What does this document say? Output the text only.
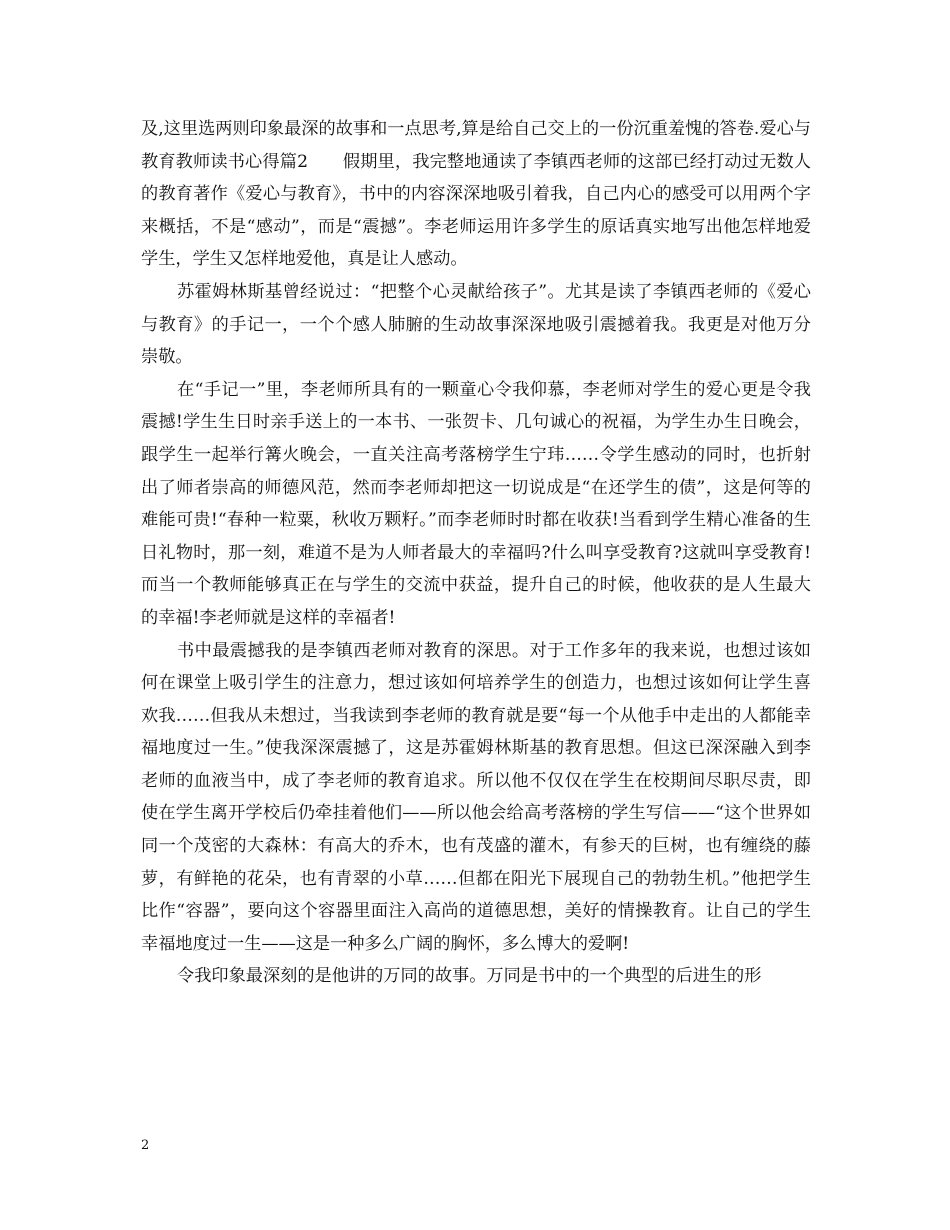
及,这里选两则印象最深的故事和一点思考,算是给自己交上的一份沉重羞愧的答卷.爱心与教育教师读书心得篇2　　假期里，我完整地通读了李镇西老师的这部已经打动过无数人的教育著作《爱心与教育》，书中的内容深深地吸引着我，自己内心的感受可以用两个字来概括，不是“感动”，而是“震撼”。李老师运用许多学生的原话真实地写出他怎样地爱学生，学生又怎样地爱他，真是让人感动。

苏霍姆林斯基曾经说过：“把整个心灵献给孩子”。尤其是读了李镇西老师的《爱心与教育》的手记一，一个个感人肺腑的生动故事深深地吸引震撼着我。我更是对他万分崇敬。

在“手记一”里，李老师所具有的一颗童心令我仰慕，李老师对学生的爱心更是令我震撼!学生生日时亲手送上的一本书、一张贺卡、几句诚心的祝福，为学生办生日晚会，跟学生一起举行篝火晚会，一直关注高考落榜学生宁玮……令学生感动的同时，也折射出了师者崇高的师德风范，然而李老师却把这一切说成是“在还学生的债”，这是何等的难能可贵!“春种一粒粟，秋收万颗籽。”而李老师时时都在收获!当看到学生精心准备的生日礼物时，那一刻，难道不是为人师者最大的幸福吗?什么叫享受教育?这就叫享受教育!而当一个教师能够真正在与学生的交流中获益，提升自己的时候，他收获的是人生最大的幸福!李老师就是这样的幸福者!

书中最震撼我的是李镇西老师对教育的深思。对于工作多年的我来说，也想过该如何在课堂上吸引学生的注意力，想过该如何培养学生的创造力，也想过该如何让学生喜欢我……但我从未想过，当我读到李老师的教育就是要“每一个从他手中走出的人都能幸福地度过一生。”使我深深震撼了，这是苏霍姆林斯基的教育思想。但这已深深融入到李老师的血液当中，成了李老师的教育追求。所以他不仅仅在学生在校期间尽职尽责，即使在学生离开学校后仍牵挂着他们——所以他会给高考落榜的学生写信——“这个世界如同一个茂密的大森林：有高大的乔木，也有茂盛的灌木，有参天的巨树，也有缠绕的藤萝，有鲜艳的花朵，也有青翠的小草……但都在阳光下展现自己的勃勃生机。”他把学生比作“容器”，要向这个容器里面注入高尚的道德思想，美好的情操教育。让自己的学生幸福地度过一生——这是一种多么广阔的胸怀，多么博大的爱啊!

令我印象最深刻的是他讲的万同的故事。万同是书中的一个典型的后进生的形

2
